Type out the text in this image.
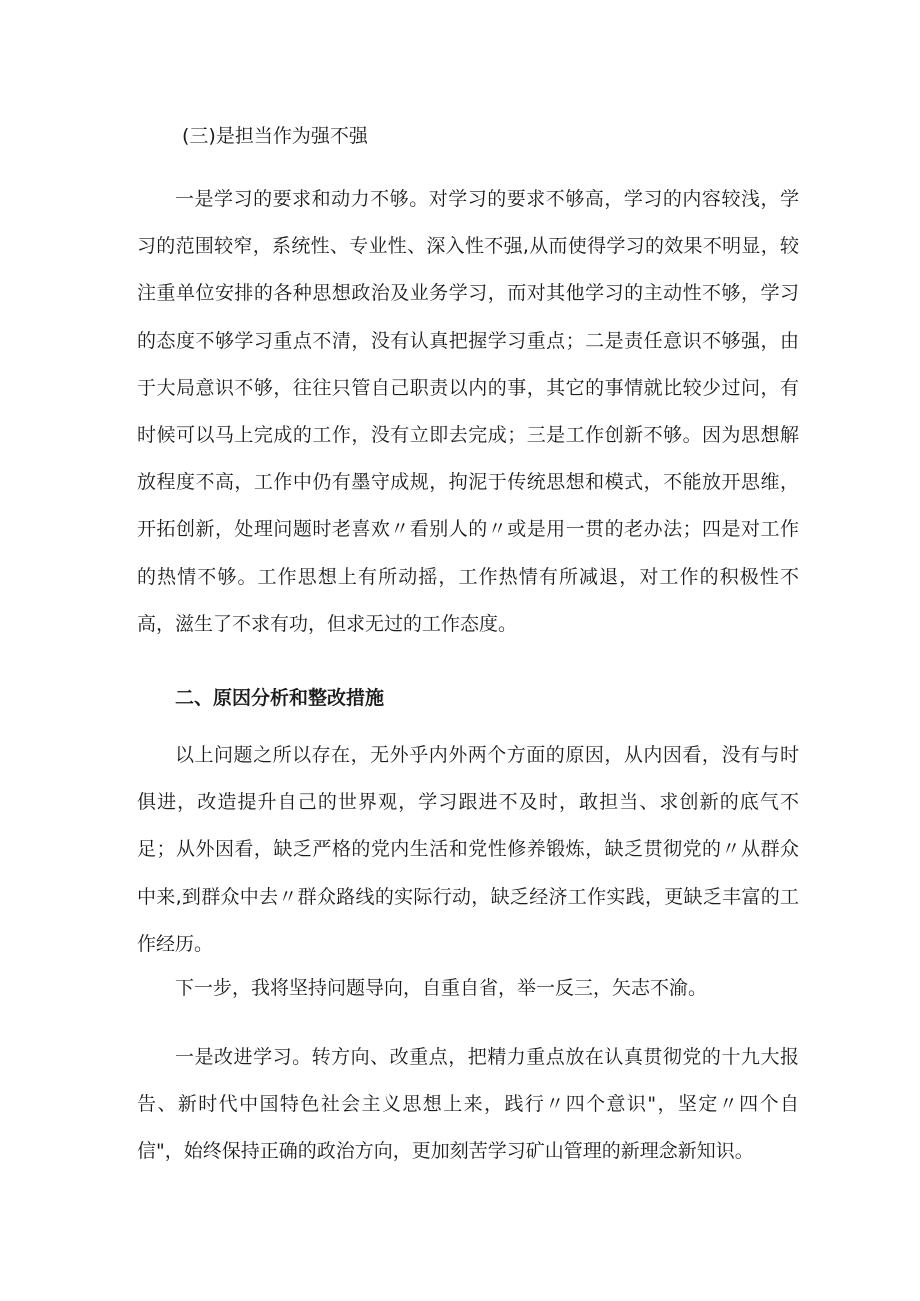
(三)是担当作为强不强

一是学习的要求和动力不够。对学习的要求不够高，学习的内容较浅，学习的范围较窄，系统性、专业性、深入性不强,从而使得学习的效果不明显，较注重单位安排的各种思想政治及业务学习，而对其他学习的主动性不够，学习的态度不够学习重点不清，没有认真把握学习重点；二是责任意识不够强，由于大局意识不够，往往只管自己职责以内的事，其它的事情就比较少过问，有时候可以马上完成的工作，没有立即去完成；三是工作创新不够。因为思想解放程度不高，工作中仍有墨守成规，拘泥于传统思想和模式，不能放开思维，开拓创新，处理问题时老喜欢〃看别人的〃或是用一贯的老办法；四是对工作的热情不够。工作思想上有所动摇，工作热情有所减退，对工作的积极性不高，滋生了不求有功，但求无过的工作态度。

二、原因分析和整改措施

以上问题之所以存在，无外乎内外两个方面的原因，从内因看，没有与时俱进，改造提升自己的世界观，学习跟进不及时，敢担当、求创新的底气不足；从外因看，缺乏严格的党内生活和党性修养锻炼，缺乏贯彻党的〃从群众中来,到群众中去〃群众路线的实际行动，缺乏经济工作实践，更缺乏丰富的工作经历。

下一步，我将坚持问题导向，自重自省，举一反三，矢志不渝。

一是改进学习。转方向、改重点，把精力重点放在认真贯彻党的十九大报告、新时代中国特色社会主义思想上来，践行〃四个意识"，坚定〃四个自信"，始终保持正确的政治方向，更加刻苦学习矿山管理的新理念新知识。
